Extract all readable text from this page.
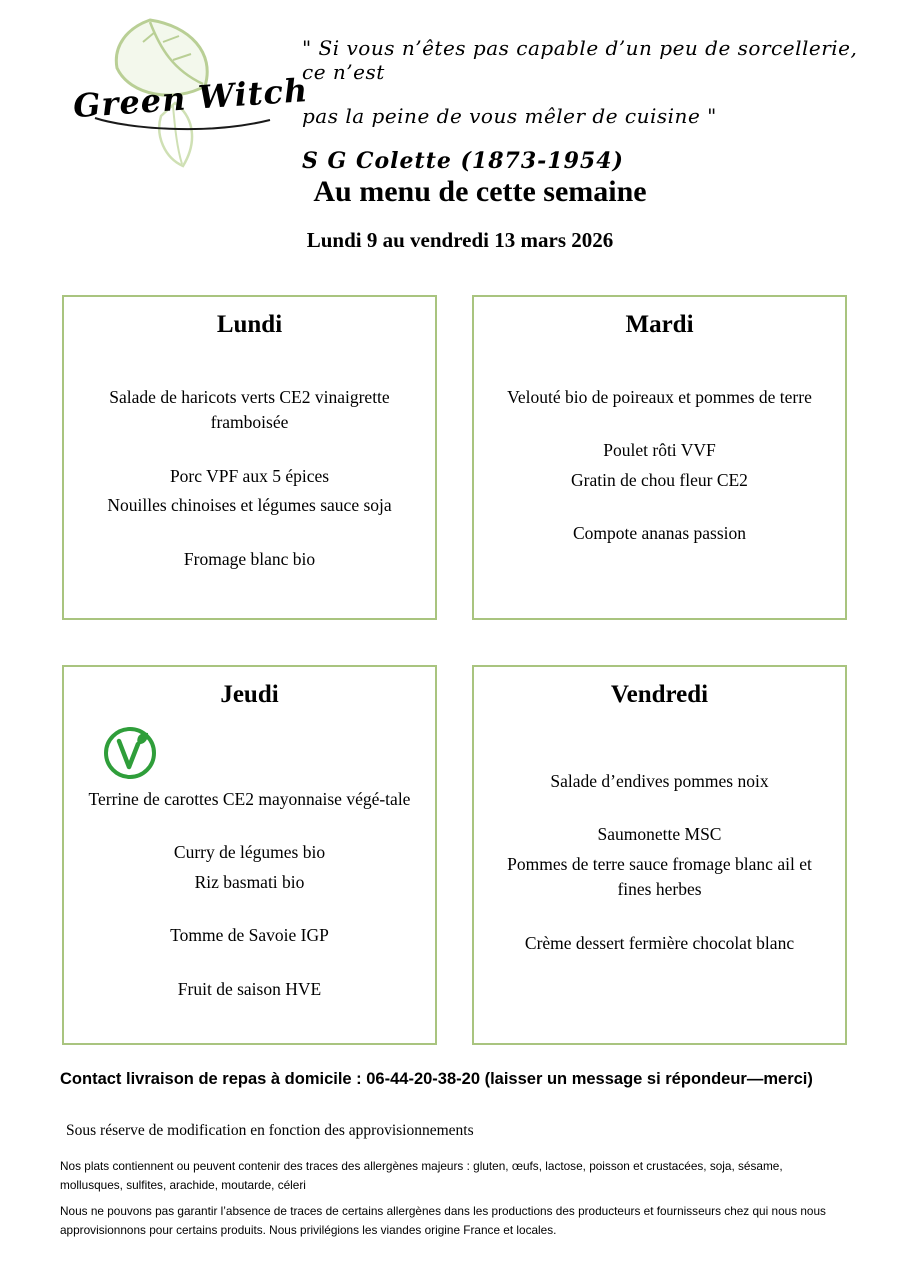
Green Witch
" Si vous n’êtes pas capable d’un peu de sorcellerie, ce n’est
pas la peine de vous mêler de cuisine "
S G Colette (1873-1954)
Au menu de cette semaine
Lundi 9 au vendredi 13 mars 2026
Lundi

Salade de haricots verts CE2 vinaigrette framboisée

Porc VPF aux 5 épices

Nouilles chinoises et légumes sauce soja

Fromage blanc bio

Mardi

Velouté bio de poireaux et pommes de terre

Poulet rôti VVF

Gratin de chou fleur CE2

Compote ananas passion

Jeudi

Terrine de carottes CE2 mayonnaise végé-tale

Curry de légumes bio

Riz basmati bio

Tomme de Savoie IGP

Fruit de saison HVE

Vendredi

Salade d’endives pommes noix

Saumonette MSC

Pommes de terre sauce fromage blanc ail et fines herbes

Crème dessert fermière chocolat blanc

Contact livraison de repas à domicile : 06-44-20-38-20 (laisser un message si répondeur—merci)
Sous réserve de modification en fonction des approvisionnements
Nos plats contiennent ou peuvent contenir des traces des allergènes majeurs : gluten, œufs, lactose, poisson et crustacées, soja, sésame, mollusques, sulfites, arachide, moutarde, céleri
Nous ne pouvons pas garantir l’absence de traces de certains allergènes dans les productions des producteurs et fournisseurs chez qui nous nous approvisionnons pour certains produits. Nous privilégions les viandes origine France et locales.
